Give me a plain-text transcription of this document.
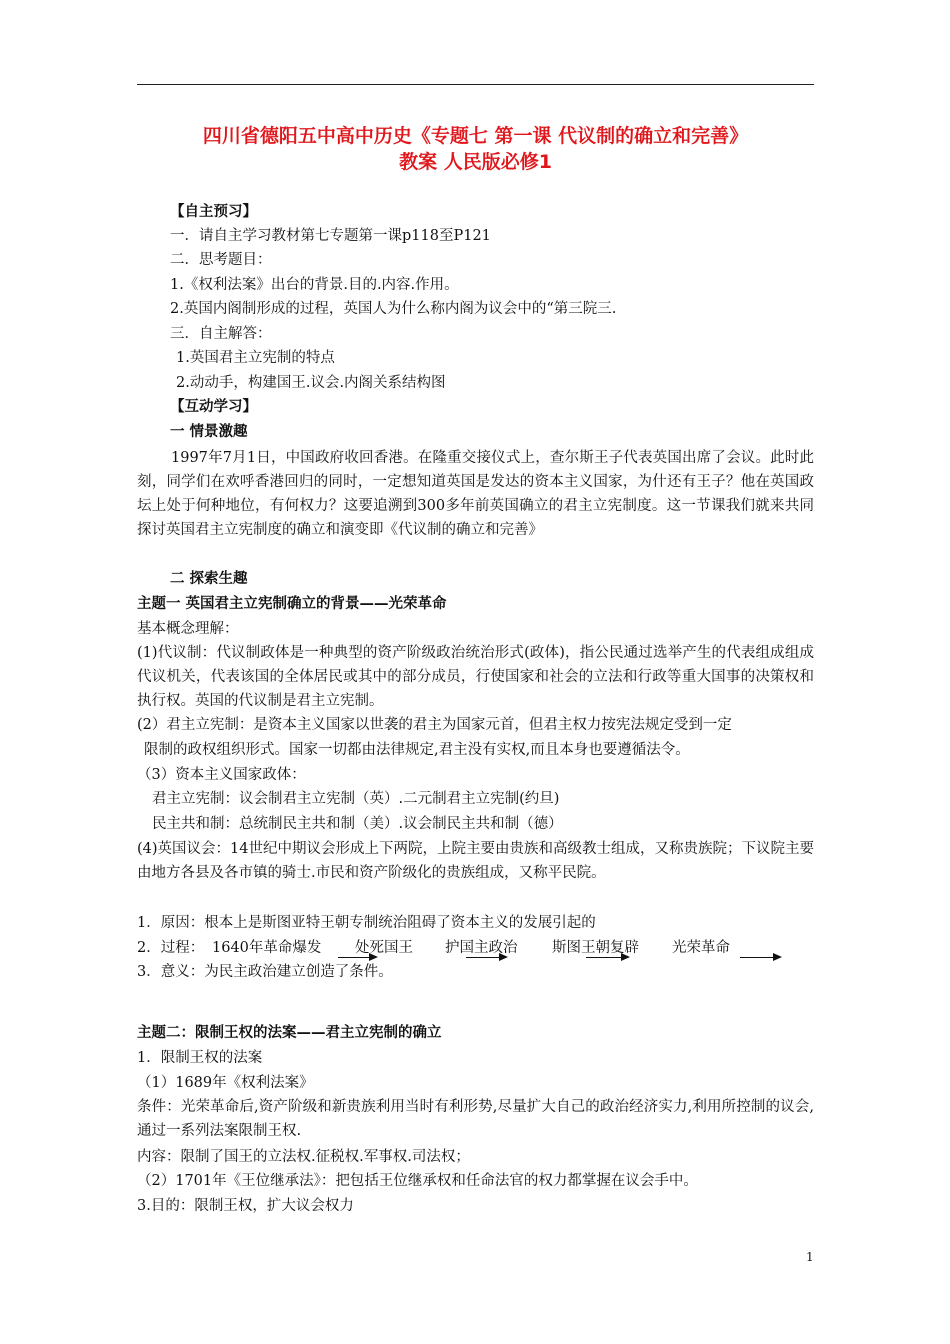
四川省德阳五中高中历史《专题七 第一课 代议制的确立和完善》
教案 人民版必修1
【自主预习】
一．请自主学习教材第七专题第一课p118至P121
二．思考题目：
1.《权利法案》出台的背景.目的.内容.作用。
2.英国内阁制形成的过程，英国人为什么称内阁为议会中的“第三院三.
三．自主解答：
1.英国君主立宪制的特点
2.动动手，构建国王.议会.内阁关系结构图
【互动学习】
一 情景激趣
1997年7月1日，中国政府收回香港。在隆重交接仪式上，查尔斯王子代表英国出席了会议。此时此刻，同学们在欢呼香港回归的同时，一定想知道英国是发达的资本主义国家，为什还有王子？他在英国政坛上处于何种地位，有何权力？这要追溯到300多年前英国确立的君主立宪制度。这一节课我们就来共同探讨英国君主立宪制度的确立和演变即《代议制的确立和完善》
二 探索生趣
主题一 英国君主立宪制确立的背景——光荣革命
基本概念理解：
(1)代议制：代议制政体是一种典型的资产阶级政治统治形式(政体)，指公民通过选举产生的代表组成组成代议机关，代表该国的全体居民或其中的部分成员，行使国家和社会的立法和行政等重大国事的决策权和执行权。英国的代议制是君主立宪制。
(2）君主立宪制：是资本主义国家以世袭的君主为国家元首，但君主权力按宪法规定受到一定
限制的政权组织形式。国家一切都由法律规定,君主没有实权,而且本身也要遵循法令。
（3）资本主义国家政体：
君主立宪制：议会制君主立宪制（英）.二元制君主立宪制(约旦)
民主共和制：总统制民主共和制（美）.议会制民主共和制（德）
(4)英国议会：14世纪中期议会形成上下两院，上院主要由贵族和高级教士组成，又称贵族院；下议院主要由地方各县及各市镇的骑士.市民和资产阶级化的贵族组成，又称平民院。
1．原因：根本上是斯图亚特王朝专制统治阻碍了资本主义的发展引起的
2．过程： 1640年革命爆发 处死国王 护国主政治 斯图王朝复辟 光荣革命
3．意义：为民主政治建立创造了条件。
主题二：限制王权的法案——君主立宪制的确立
1．限制王权的法案
（1）1689年《权利法案》
条件：光荣革命后,资产阶级和新贵族利用当时有利形势,尽量扩大自己的政治经济实力,利用所控制的议会,通过一系列法案限制王权.
内容：限制了国王的立法权.征税权.军事权.司法权；
（2）1701年《王位继承法》：把包括王位继承权和任命法官的权力都掌握在议会手中。
3.目的：限制王权，扩大议会权力
1
